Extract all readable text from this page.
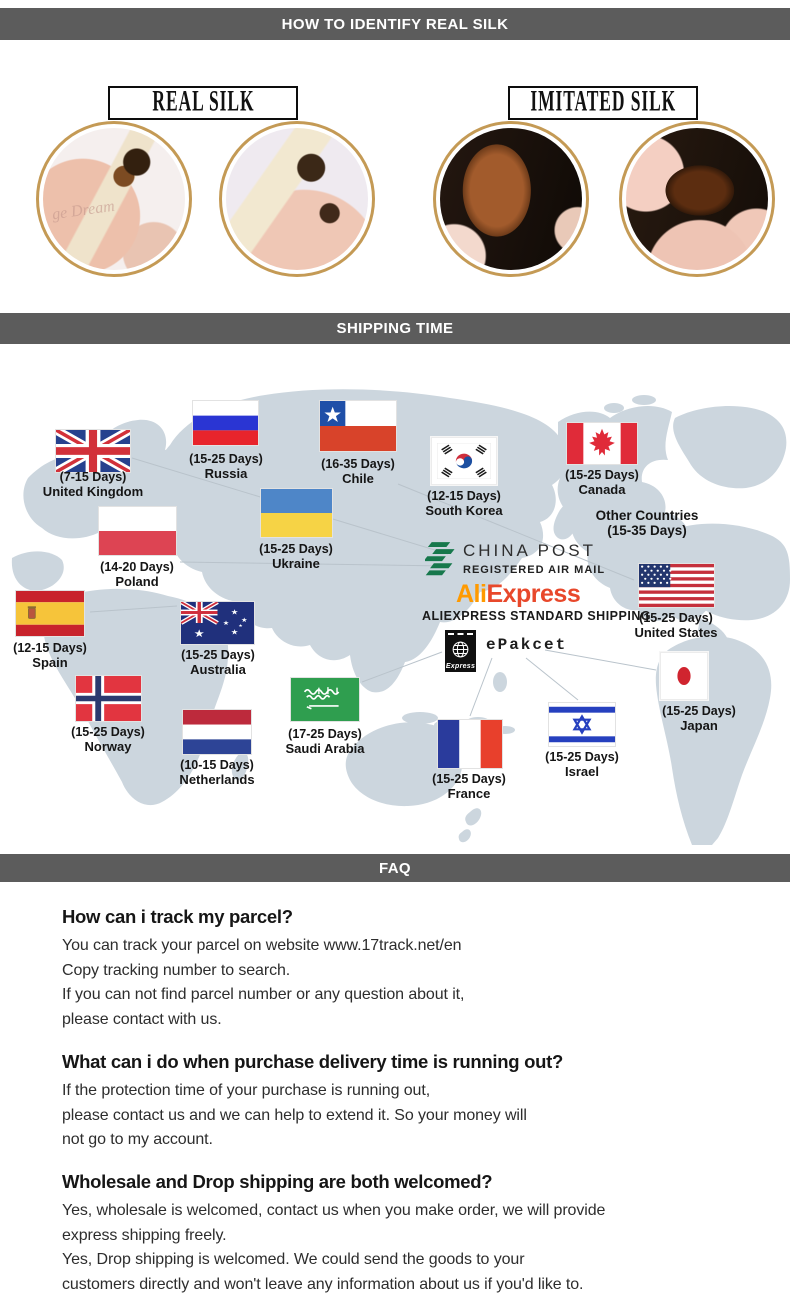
HOW TO IDENTIFY REAL SILK
REAL SILK	IMITATED SILK
ge Dream
SHIPPING TIME
Other Countries
(15-35 Days)
CHINA POST
REGISTERED AIR MAIL
AliExpress
ALIEXPRESS STANDARD SHIPPING
Express
ePakcet
(7-15 Days)
United Kingdom
(15-25 Days)
Russia
(16-35 Days)
Chile
(12-15 Days)
South Korea
(15-25 Days)
Canada
(14-20 Days)
Poland
(15-25 Days)
Ukraine
(12-15 Days)
Spain
★
★
★ ★
★
★
(15-25 Days)
Australia
(15-25 Days)
United States
(15-25 Days)
Norway
(10-15 Days)
Netherlands
(17-25 Days)
Saudi Arabia
(15-25 Days)
Japan
(15-25 Days)
France
(15-25 Days)
Israel
FAQ
How can i track my parcel?
You can track your parcel on website www.17track.net/en
Copy tracking number to search.
If you can not find parcel number or any question about it,
please contact with us.
What can i do when purchase delivery time is running out?
If the protection time of your purchase is running out,
please contact us and we can help to extend it. So your money will
not go to my account.
Wholesale and Drop shipping are both welcomed?
Yes, wholesale is welcomed, contact us when you make order, we will provide
express shipping freely.
Yes, Drop shipping is welcomed. We could send the goods to your
customers directly and won't leave any information about us if you'd like to.
